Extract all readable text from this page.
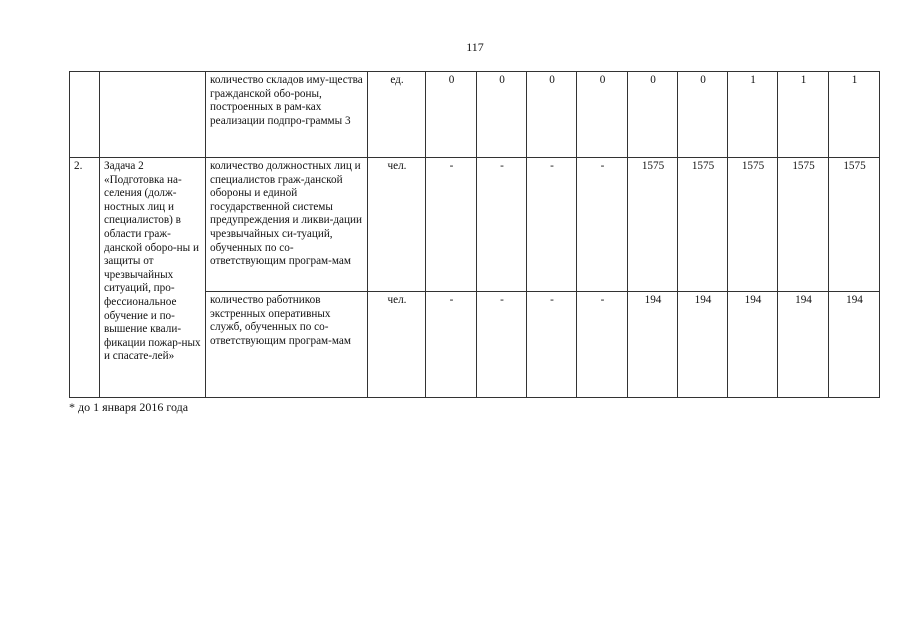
117
		количество складов иму-щества гражданской обо-роны, построенных в рам-ках реализации подпро-граммы 3	ед.	0	0	0	0	0	0	1	1	1
2.	Задача 2 «Подготовка на-селения (долж-ностных лиц и специалистов) в области граж-данской оборо-ны и защиты от чрезвычайных ситуаций, про-фессиональное обучение и по-вышение квали-фикации пожар-ных и спасате-лей»	количество должностных лиц и специалистов граж-данской обороны и единой государственной системы предупреждения и ликви-дации чрезвычайных си-туаций, обученных по со-ответствующим програм-мам	чел.	-	-	-	-	1575	1575	1575	1575	1575
		количество работников экстренных оперативных служб, обученных по со-ответствующим програм-мам	чел.	-	-	-	-	194	194	194	194	194
* до 1 января 2016 года
